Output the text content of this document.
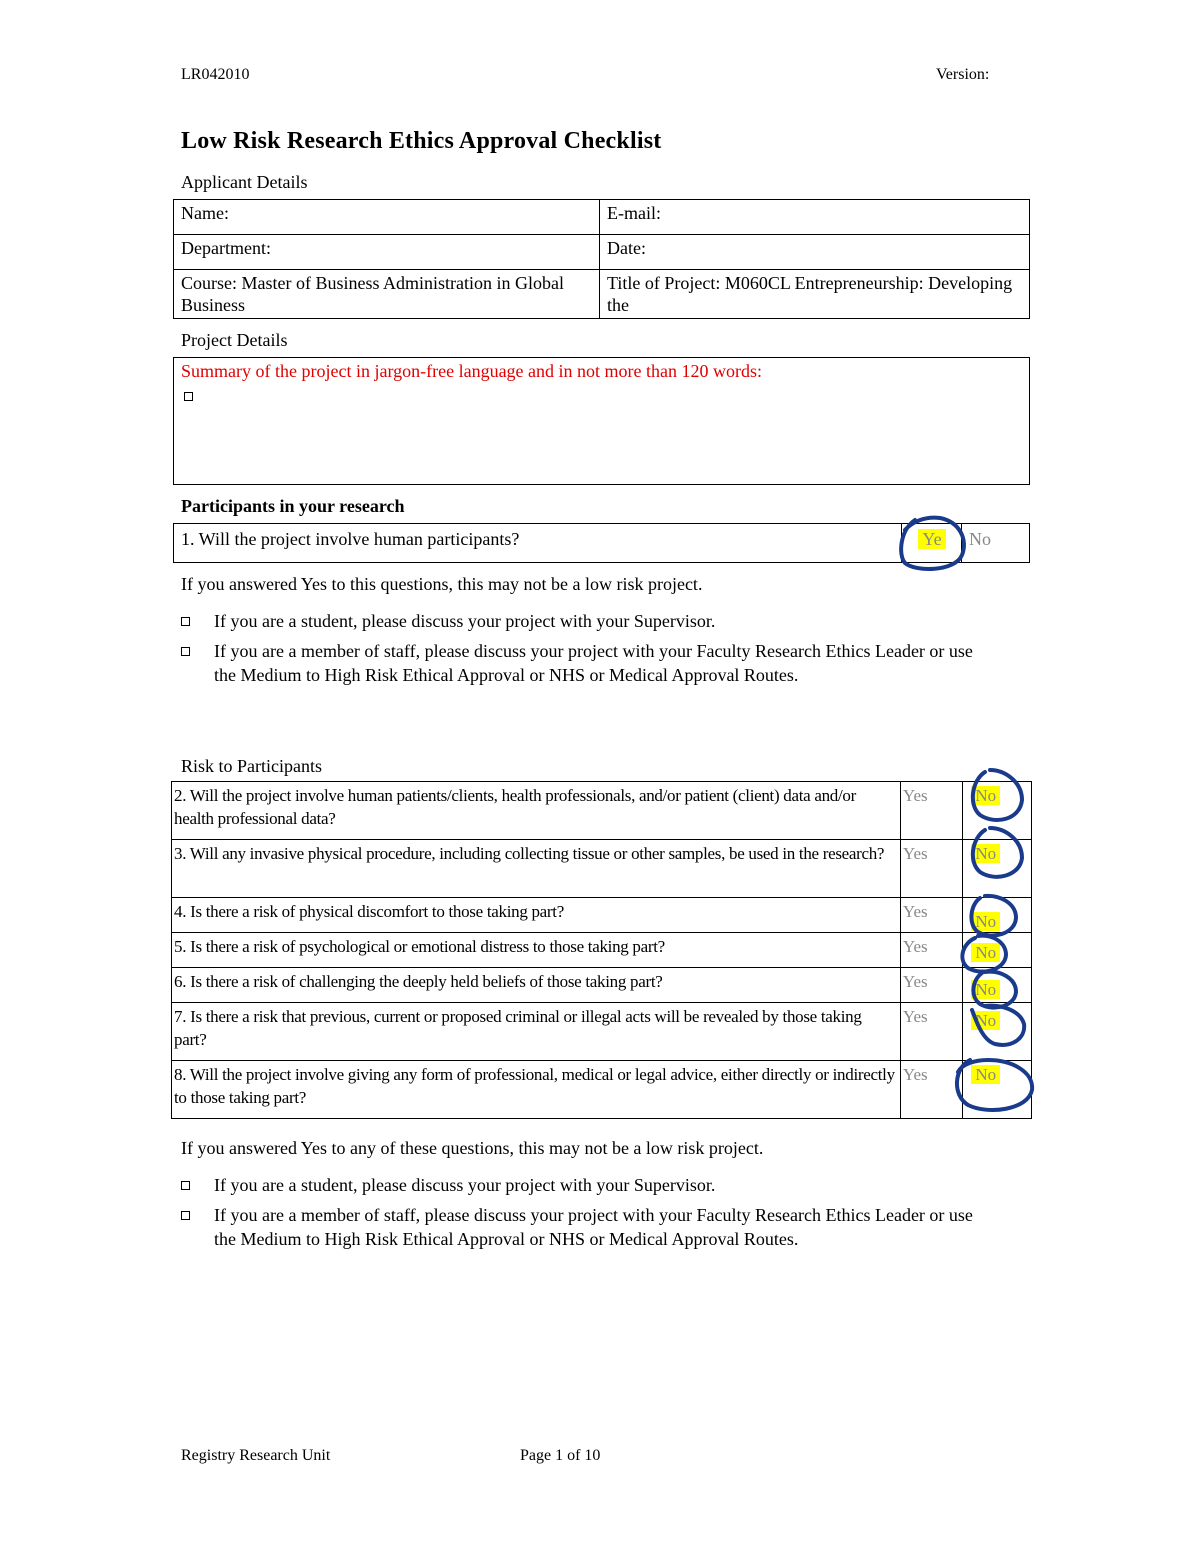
LR042010	Version:
Low Risk Research Ethics Approval Checklist
Applicant Details
Name:	E-mail:
Department:	Date:
Course: Master of Business Administration in Global Business	Title of Project: M060CL Entrepreneurship: Developing the
Project Details
Summary of the project in jargon-free language and in not more than 120 words:
Participants in your research
1. Will the project involve human participants?	Ye	No
If you answered Yes to this questions, this may not be a low risk project.
If you are a student, please discuss your project with your Supervisor.
If you are a member of staff, please discuss your project with your Faculty Research Ethics Leader or use the Medium to High Risk Ethical Approval or NHS or Medical Approval Routes.
Risk to Participants
2. Will the project involve human patients/clients, health professionals, and/or patient (client) data and/or health professional data?	Yes	No
3. Will any invasive physical procedure, including collecting tissue or other samples, be used in the research?	Yes	No
4. Is there a risk of physical discomfort to those taking part?	Yes	No
5. Is there a risk of psychological or emotional distress to those taking part?	Yes	No
6. Is there a risk of challenging the deeply held beliefs of those taking part?	Yes	No
7. Is there a risk that previous, current or proposed criminal or illegal acts will be revealed by those taking part?	Yes	No
8. Will the project involve giving any form of professional, medical or legal advice, either directly or indirectly to those taking part?	Yes	No
If you answered Yes to any of these questions, this may not be a low risk project.
If you are a student, please discuss your project with your Supervisor.
If you are a member of staff, please discuss your project with your Faculty Research Ethics Leader or use the Medium to High Risk Ethical Approval or NHS or Medical Approval Routes.
Registry Research Unit	Page 1 of 10
